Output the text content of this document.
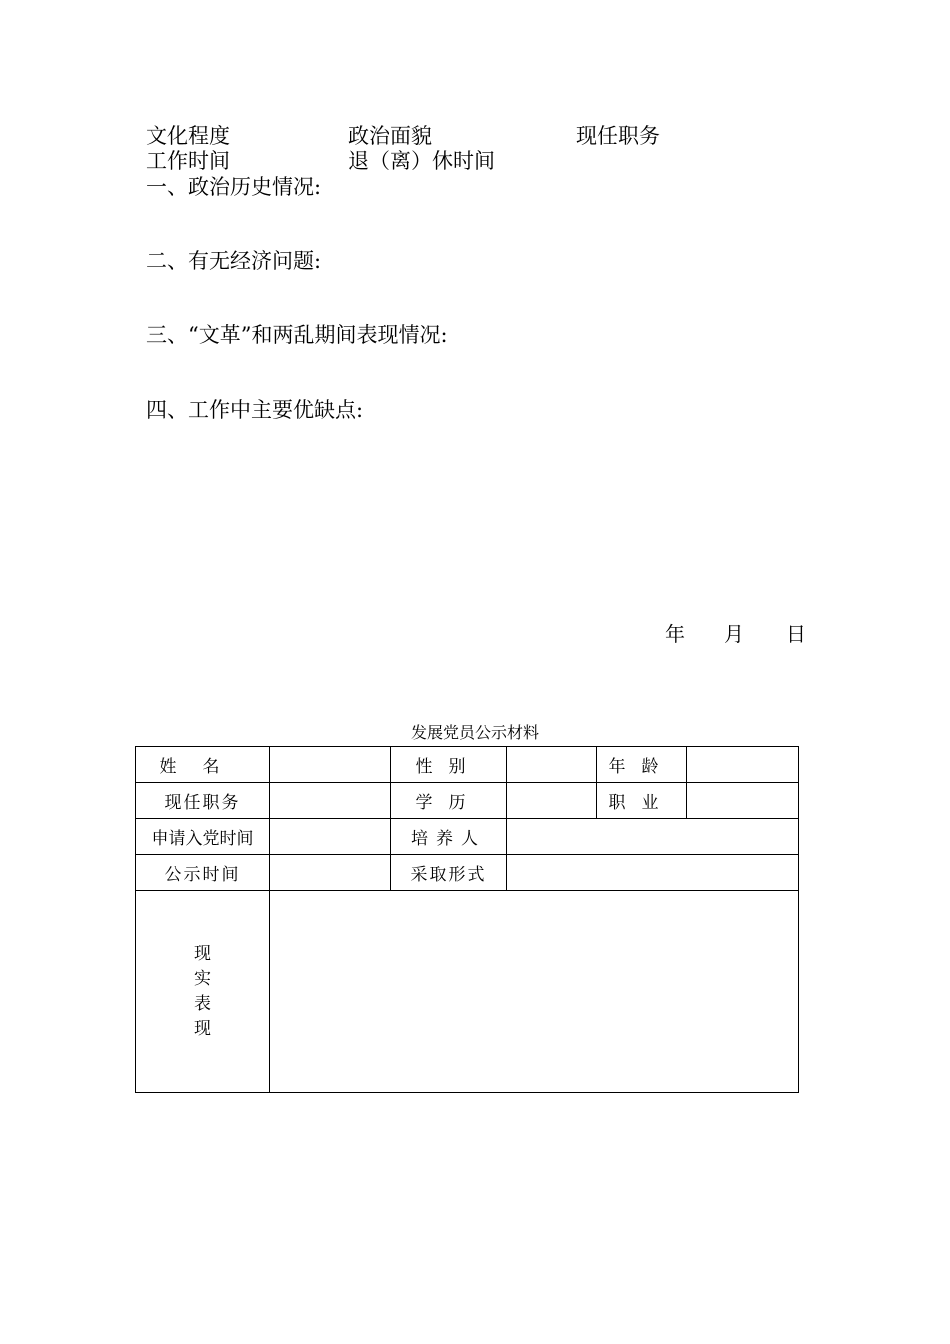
文化程度	政治面貌	现任职务
工作时间	退（离）休时间
一、政治历史情况:
二、有无经济问题:
三、“文革”和两乱期间表现情况:
四、工作中主要优缺点:
年 月 日
发展党员公示材料
姓名		性别		年龄	
现任职务		学历		职业	
申请入党时间		培养人			
公示时间		采取形式			
现实表现					
